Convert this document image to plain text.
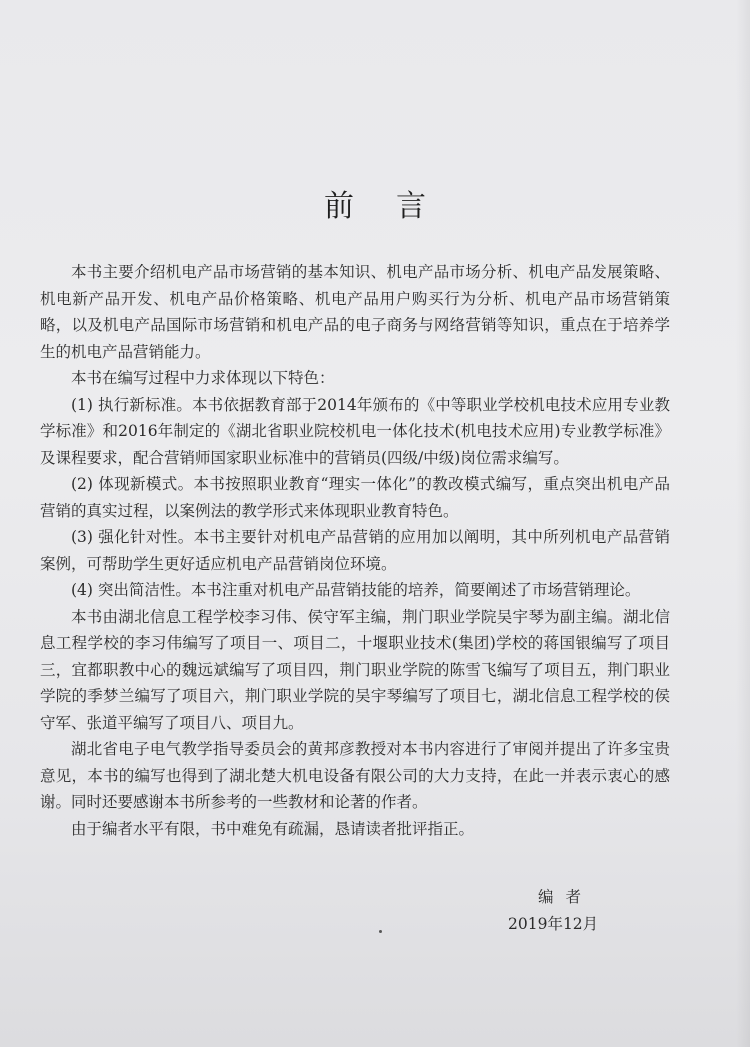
前言

本书主要介绍机电产品市场营销的基本知识、机电产品市场分析、机电产品发展策略、机电新产品开发、机电产品价格策略、机电产品用户购买行为分析、机电产品市场营销策略，以及机电产品国际市场营销和机电产品的电子商务与网络营销等知识，重点在于培养学生的机电产品营销能力。

本书在编写过程中力求体现以下特色：

(1) 执行新标准。本书依据教育部于2014年颁布的《中等职业学校机电技术应用专业教学标准》和2016年制定的《湖北省职业院校机电一体化技术(机电技术应用)专业教学标准》及课程要求，配合营销师国家职业标准中的营销员(四级/中级)岗位需求编写。

(2) 体现新模式。本书按照职业教育“理实一体化”的教改模式编写，重点突出机电产品营销的真实过程，以案例法的教学形式来体现职业教育特色。

(3) 强化针对性。本书主要针对机电产品营销的应用加以阐明，其中所列机电产品营销案例，可帮助学生更好适应机电产品营销岗位环境。

(4) 突出简洁性。本书注重对机电产品营销技能的培养，简要阐述了市场营销理论。

本书由湖北信息工程学校李习伟、侯守军主编，荆门职业学院吴宇琴为副主编。湖北信息工程学校的李习伟编写了项目一、项目二，十堰职业技术(集团)学校的蒋国银编写了项目三，宜都职教中心的魏远斌编写了项目四，荆门职业学院的陈雪飞编写了项目五，荆门职业学院的季梦兰编写了项目六，荆门职业学院的吴宇琴编写了项目七，湖北信息工程学校的侯守军、张道平编写了项目八、项目九。

湖北省电子电气教学指导委员会的黄邦彦教授对本书内容进行了审阅并提出了许多宝贵意见，本书的编写也得到了湖北楚大机电设备有限公司的大力支持，在此一并表示衷心的感谢。同时还要感谢本书所参考的一些教材和论著的作者。

由于编者水平有限，书中难免有疏漏，恳请读者批评指正。

编者
2019年12月
